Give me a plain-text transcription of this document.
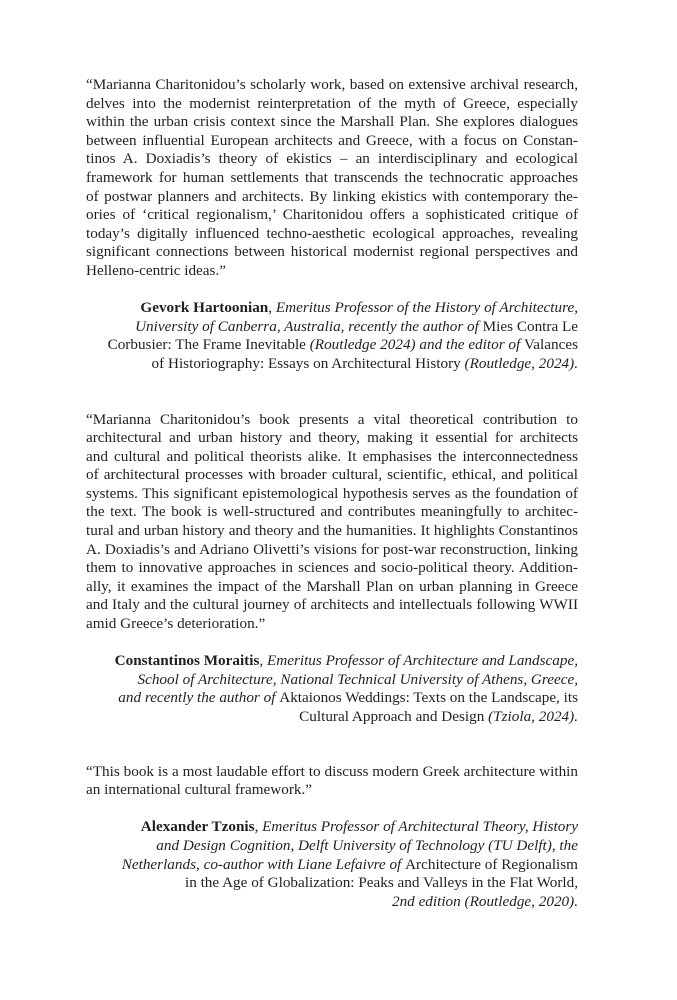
“Marianna Charitonidou’s scholarly work, based on extensive archival research,
delves into the modernist reinterpretation of the myth of Greece, especially
within the urban crisis context since the Marshall Plan. She explores dialogues
between influential European architects and Greece, with a focus on Constan-
tinos A. Doxiadis’s theory of ekistics – an interdisciplinary and ecological
framework for human settlements that transcends the technocratic approaches
of postwar planners and architects. By linking ekistics with contemporary the-
ories of ‘critical regionalism,’ Charitonidou offers a sophisticated critique of
today’s digitally influenced techno-aesthetic ecological approaches, revealing
significant connections between historical modernist regional perspectives and
Helleno-centric ideas.”
Gevork Hartoonian, Emeritus Professor of the History of Architecture,
University of Canberra, Australia, recently the author of Mies Contra Le
Corbusier: The Frame Inevitable (Routledge 2024) and the editor of Valances
of Historiography: Essays on Architectural History (Routledge, 2024).
“Marianna Charitonidou’s book presents a vital theoretical contribution to
architectural and urban history and theory, making it essential for architects
and cultural and political theorists alike. It emphasises the interconnectedness
of architectural processes with broader cultural, scientific, ethical, and political
systems. This significant epistemological hypothesis serves as the foundation of
the text. The book is well-structured and contributes meaningfully to architec-
tural and urban history and theory and the humanities. It highlights Constantinos
A. Doxiadis’s and Adriano Olivetti’s visions for post-war reconstruction, linking
them to innovative approaches in sciences and socio-political theory. Addition-
ally, it examines the impact of the Marshall Plan on urban planning in Greece
and Italy and the cultural journey of architects and intellectuals following WWII
amid Greece’s deterioration.”
Constantinos Moraitis, Emeritus Professor of Architecture and Landscape,
School of Architecture, National Technical University of Athens, Greece,
and recently the author of Aktaionos Weddings: Texts on the Landscape, its
Cultural Approach and Design (Tziola, 2024).
“This book is a most laudable effort to discuss modern Greek architecture within
an international cultural framework.”
Alexander Tzonis, Emeritus Professor of Architectural Theory, History
and Design Cognition, Delft University of Technology (TU Delft), the
Netherlands, co-author with Liane Lefaivre of Architecture of Regionalism
in the Age of Globalization: Peaks and Valleys in the Flat World,
2nd edition (Routledge, 2020).
